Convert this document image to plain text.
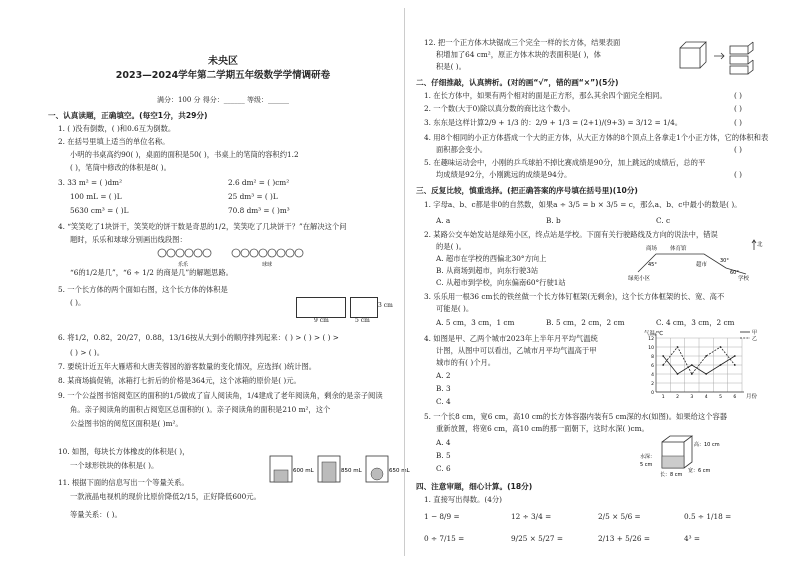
未央区
2023—2024学年第二学期五年级数学学情调研卷
满分：100 分 得分：______ 等级：______
一、认真读题，正确填空。(每空1分，共29分)
1. ( )没有倒数，( )和0.6互为倒数。
2. 在括号里填上适当的单位名称。
小明的书桌高约90( )，桌面的面积是50( )，书桌上的笔筒的容积约1.2
( )，笔筒中修改的体积是8( )。
3. 33 m² = ( )dm²	2.6 dm² = ( )cm²
100 mL = ( )L	25 dm³ = ( )L
5630 cm³ = ( )L	70.8 dm³ = ( )m³
4. “笑笑吃了1块饼干，笑笑吃的饼干数是奇思的1/2，笑笑吃了几块饼干？”在解决这个问
题时，乐乐和球球分别画出线段图：
乐乐	球球
“6的1/2是几”，“6 ÷ 1/2 的商是几”的解题思路。
5. 一个长方体的两个面如右图，这个长方体的体积是
( )。
9 cm
3 cm
5 cm
6. 将1/2，0.82，20/27，0.88，13/16按从大到小的顺序排列起来：( ) > ( ) > ( ) >
( ) > ( )。
7. 要统计近五年大雁塔和大唐芙蓉园的游客数量的变化情况，应选择( )统计图。
8. 某商场搞促销，冰箱打七折后的价格是364元，这个冰箱的原价是( )元。
9. 一个公益图书馆阅览区的面积的1/5做成了盲人阅读角，1/4建成了老年阅读角，剩余的是亲子阅读
角。亲子阅读角的面积占阅览区总面积的( )。亲子阅读角的面积是210 m²，这个
公益图书馆的阅览区面积是( )m²。
10. 如图，每块长方体橡皮的体积是( )，
一个球形铁块的体积是( )。
600 mL	850 mL	650 mL
11. 根据下面的信息写出一个等量关系。
一款液晶电视机的现价比原价降低2/15，正好降低600元。
等量关系：( )。
12. 把一个正方体木块锯成三个完全一样的长方体，结果表面
积增加了64 cm²，原正方体木块的表面积是( )，体
积是( )。
二、仔细推敲，认真辨析。(对的画“√”，错的画“×”)(5分)
1. 在长方体中，如果有两个相对的面是正方形，那么其余四个面完全相同。	( )
2. 一个数(大于0)除以真分数的商比这个数小。	( )
3. 东东是这样计算2/9 + 1/3 的：2/9 + 1/3 = (2+1)/(9+3) = 3/12 = 1/4。	( )
4. 用8个相同的小正方体搭成一个大的正方体，从大正方体的8个顶点上各拿走1个小正方体，它的体积和表
面积都会变小。	( )
5. 在趣味运动会中，小刚的乒乓球拍不掉比赛成绩是90分，加上跳远的成绩后，总的平
均成绩是92分，小刚跳远的成绩是94分。	( )
三、反复比较，慎重选择。(把正确答案的序号填在括号里)(10分)
1. 字母a、b、c都是非0的自然数，如果a ÷ 3/5 = b × 3/5 = c，那么a、b、c中最小的数是( )。
A. a	B. b	C. c
2. 某路公交车始发站是绿苑小区，终点站是学校。下面有关行驶路线及方向的说法中，错误
的是( )。
A. 超市在学校的西偏北30°方向上
B. 从商场到超市，向东行驶3站
C. 从超市到学校，向东偏南60°行驶1站
商场 体育馆
超市
绿苑小区	学校
北
30°
45°
60°
3. 乐乐用一根36 cm长的铁丝做一个长方体钉框架(无剩余)，这个长方体框架的长、宽、高不
可能是( )。
A. 5 cm，3 cm，1 cm	B. 5 cm，2 cm，2 cm	C. 4 cm，3 cm，2 cm
4. 如图是甲、乙两个城市2023年上半年月平均气温统
计图，从图中可以看出，乙城市月平均气温高于甲
城市的有( )个月。
A. 2
B. 3
C. 4
气温/℃
月份
0
2
4
6
8
10
12
1	2	3	4	5	6
甲
乙
5. 一个长8 cm，宽6 cm，高10 cm的长方体容器内装有5 cm深的水(如图)。如果给这个容器
重新放置，将宽6 cm，高10 cm的那一面朝下，这时水深( )cm。
A. 4
B. 5
C. 6
高：10 cm
水深：
5 cm
宽：6 cm
长：8 cm
四、注意审题，细心计算。(18分)
1. 直接写出得数。(4分)
1 − 8/9 =	12 ÷ 3/4 =	2/5 × 5/6 =	0.5 ÷ 1/18 =
0 ÷ 7/15 =	9/25 × 5/27 =	2/13 + 5/26 =	4³ =
